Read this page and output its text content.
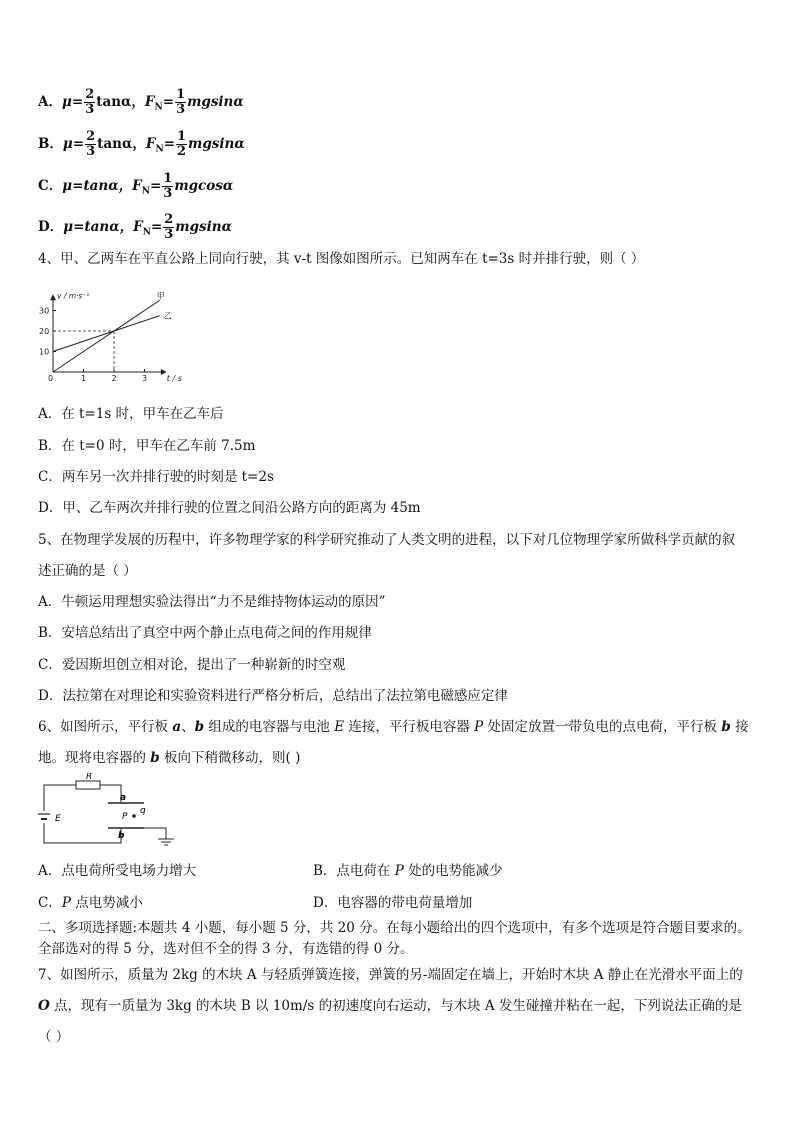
A．$\mu= \frac{2}{3}$ tanα，$F_N= \frac{1}{3}$ mgsinα
B．$\mu= \frac{2}{3}$ tanα，$F_N= \frac{1}{2}$ mgsinα
C．μ=tanα，$F_N= \frac{1}{3}$ mgcosα
D．μ=tanα，$F_N= \frac{2}{3}$ mgsinα
4、甲、乙两车在平直公路上同向行驶，其 v-t 图像如图所示。已知两车在 t=3s 时并排行驶，则（ ）
0	1	2	3
10
20
30
甲
乙
v / m·s⁻¹
t / s
A．在 t=1s 时，甲车在乙车后
B．在 t=0 时，甲车在乙车前 7.5m
C．两车另一次并排行驶的时刻是 t=2s
D．甲、乙车两次并排行驶的位置之间沿公路方向的距离为 45m
5、在物理学发展的历程中，许多物理学家的科学研究推动了人类文明的进程，以下对几位物理学家所做科学贡献的叙
述正确的是（ ）
A．牛顿运用理想实验法得出“力不是维持物体运动的原因”
B．安培总结出了真空中两个静止点电荷之间的作用规律
C．爱因斯坦创立相对论，提出了一种崭新的时空观
D．法拉第在对理论和实验资料进行严格分析后，总结出了法拉第电磁感应定律
6、如图所示，平行板 a、b 组成的电容器与电池 E 连接，平行板电容器 P 处固定放置一带负电的点电荷，平行板 b 接
地。现将电容器的 b 板向下稍微移动，则( )
R
a
q
P
b
E
A．点电荷所受电场力增大	B．点电荷在 P 处的电势能减少
C．P 点电势减小	D．电容器的带电荷量增加
二、多项选择题:本题共 4 小题，每小题 5 分，共 20 分。在每小题给出的四个选项中，有多个选项是符合题目要求的。
全部选对的得 5 分，选对但不全的得 3 分，有选错的得 0 分。
7、如图所示，质量为 2kg 的木块 A 与轻质弹簧连接，弹簧的另-端固定在墙上，开始时木块 A 静止在光滑水平面上的
O 点，现有一质量为 3kg 的木块 B 以 10m/s 的初速度向右运动，与木块 A 发生碰撞并粘在一起，下列说法正确的是
（ ）
